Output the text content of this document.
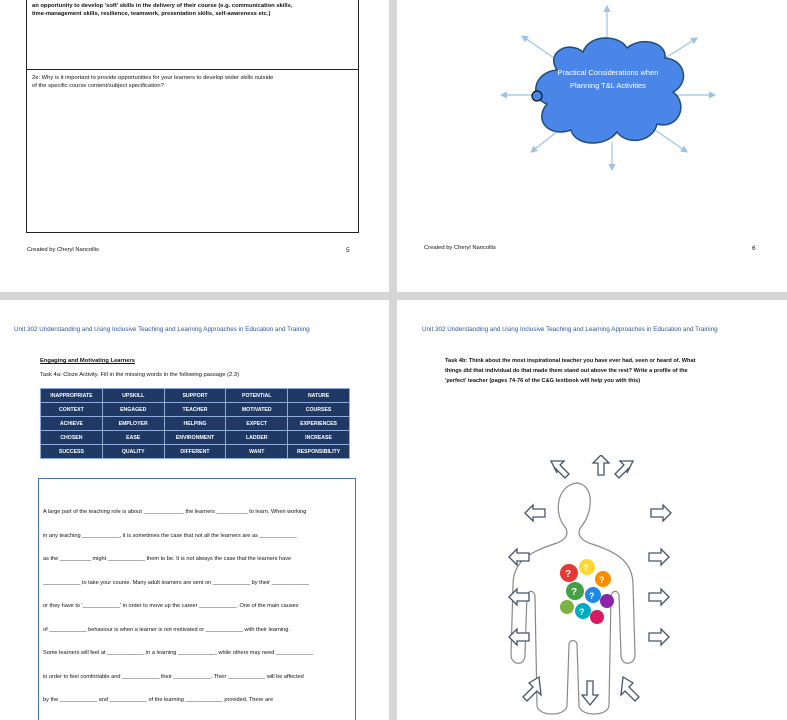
an opportunity to develop 'soft' skills in the delivery of their course (e.g. communication skills,
time-management skills, resilience, teamwork, presentation skills, self-awareness etc.)
2e: Why is it important to provide opportunities for your learners to develop wider skills outside
of the specific course content/subject specification?
Created by Cheryl Nancollis	5
Practical Considerations when Planning T&L Activities
Created by Cheryl Nancollis	6
Unit 302 Understanding and Using Inclusive Teaching and Learning Approaches in Education and Training
Engaging and Motivating Learners
Task 4a: Cloze Activity. Fill in the missing words in the following passage (2.3)
INAPPROPRIATE	UPSKILL	SUPPORT	POTENTIAL	NATURE
CONTEXT	ENGAGED	TEACHER	MOTIVATED	COURSES
ACHIEVE	EMPLOYER	HELPING	EXPECT	EXPERIENCES
CHOSEN	EASE	ENVIRONMENT	LADDER	INCREASE
SUCCESS	QUALITY	DIFFERENT	WANT	RESPONSIBILITY
A large part of the teaching role is about _____________ the learners __________ to learn. When working
in any teaching ____________, it is sometimes the case that not all the learners are as ____________
as the __________ might ____________ them to be. It is not always the case that the learners have
____________ to take your course. Many adult learners are sent on ____________ by their ____________
or they have to '____________' in order to move up the career ____________. One of the main causes
of ____________ behaviour is when a learner is not motivated or ____________ with their learning.
Some learners will feel at ____________ in a learning ____________, while others may need ____________
in order to feel comfortable and ____________ their ____________. Their ____________ will be affected
by the ____________ and ____________ of the learning ____________ provided. There are
Unit 302 Understanding and Using Inclusive Teaching and Learning Approaches in Education and Training
Task 4b: Think about the most inspirational teacher you have ever had, seen or heard of. What
things did that individual do that made them stand out above the rest? Write a profile of the
'perfect' teacher (pages 74-76 of the C&G textbook will help you with this)
?
?
?
? ?
?
